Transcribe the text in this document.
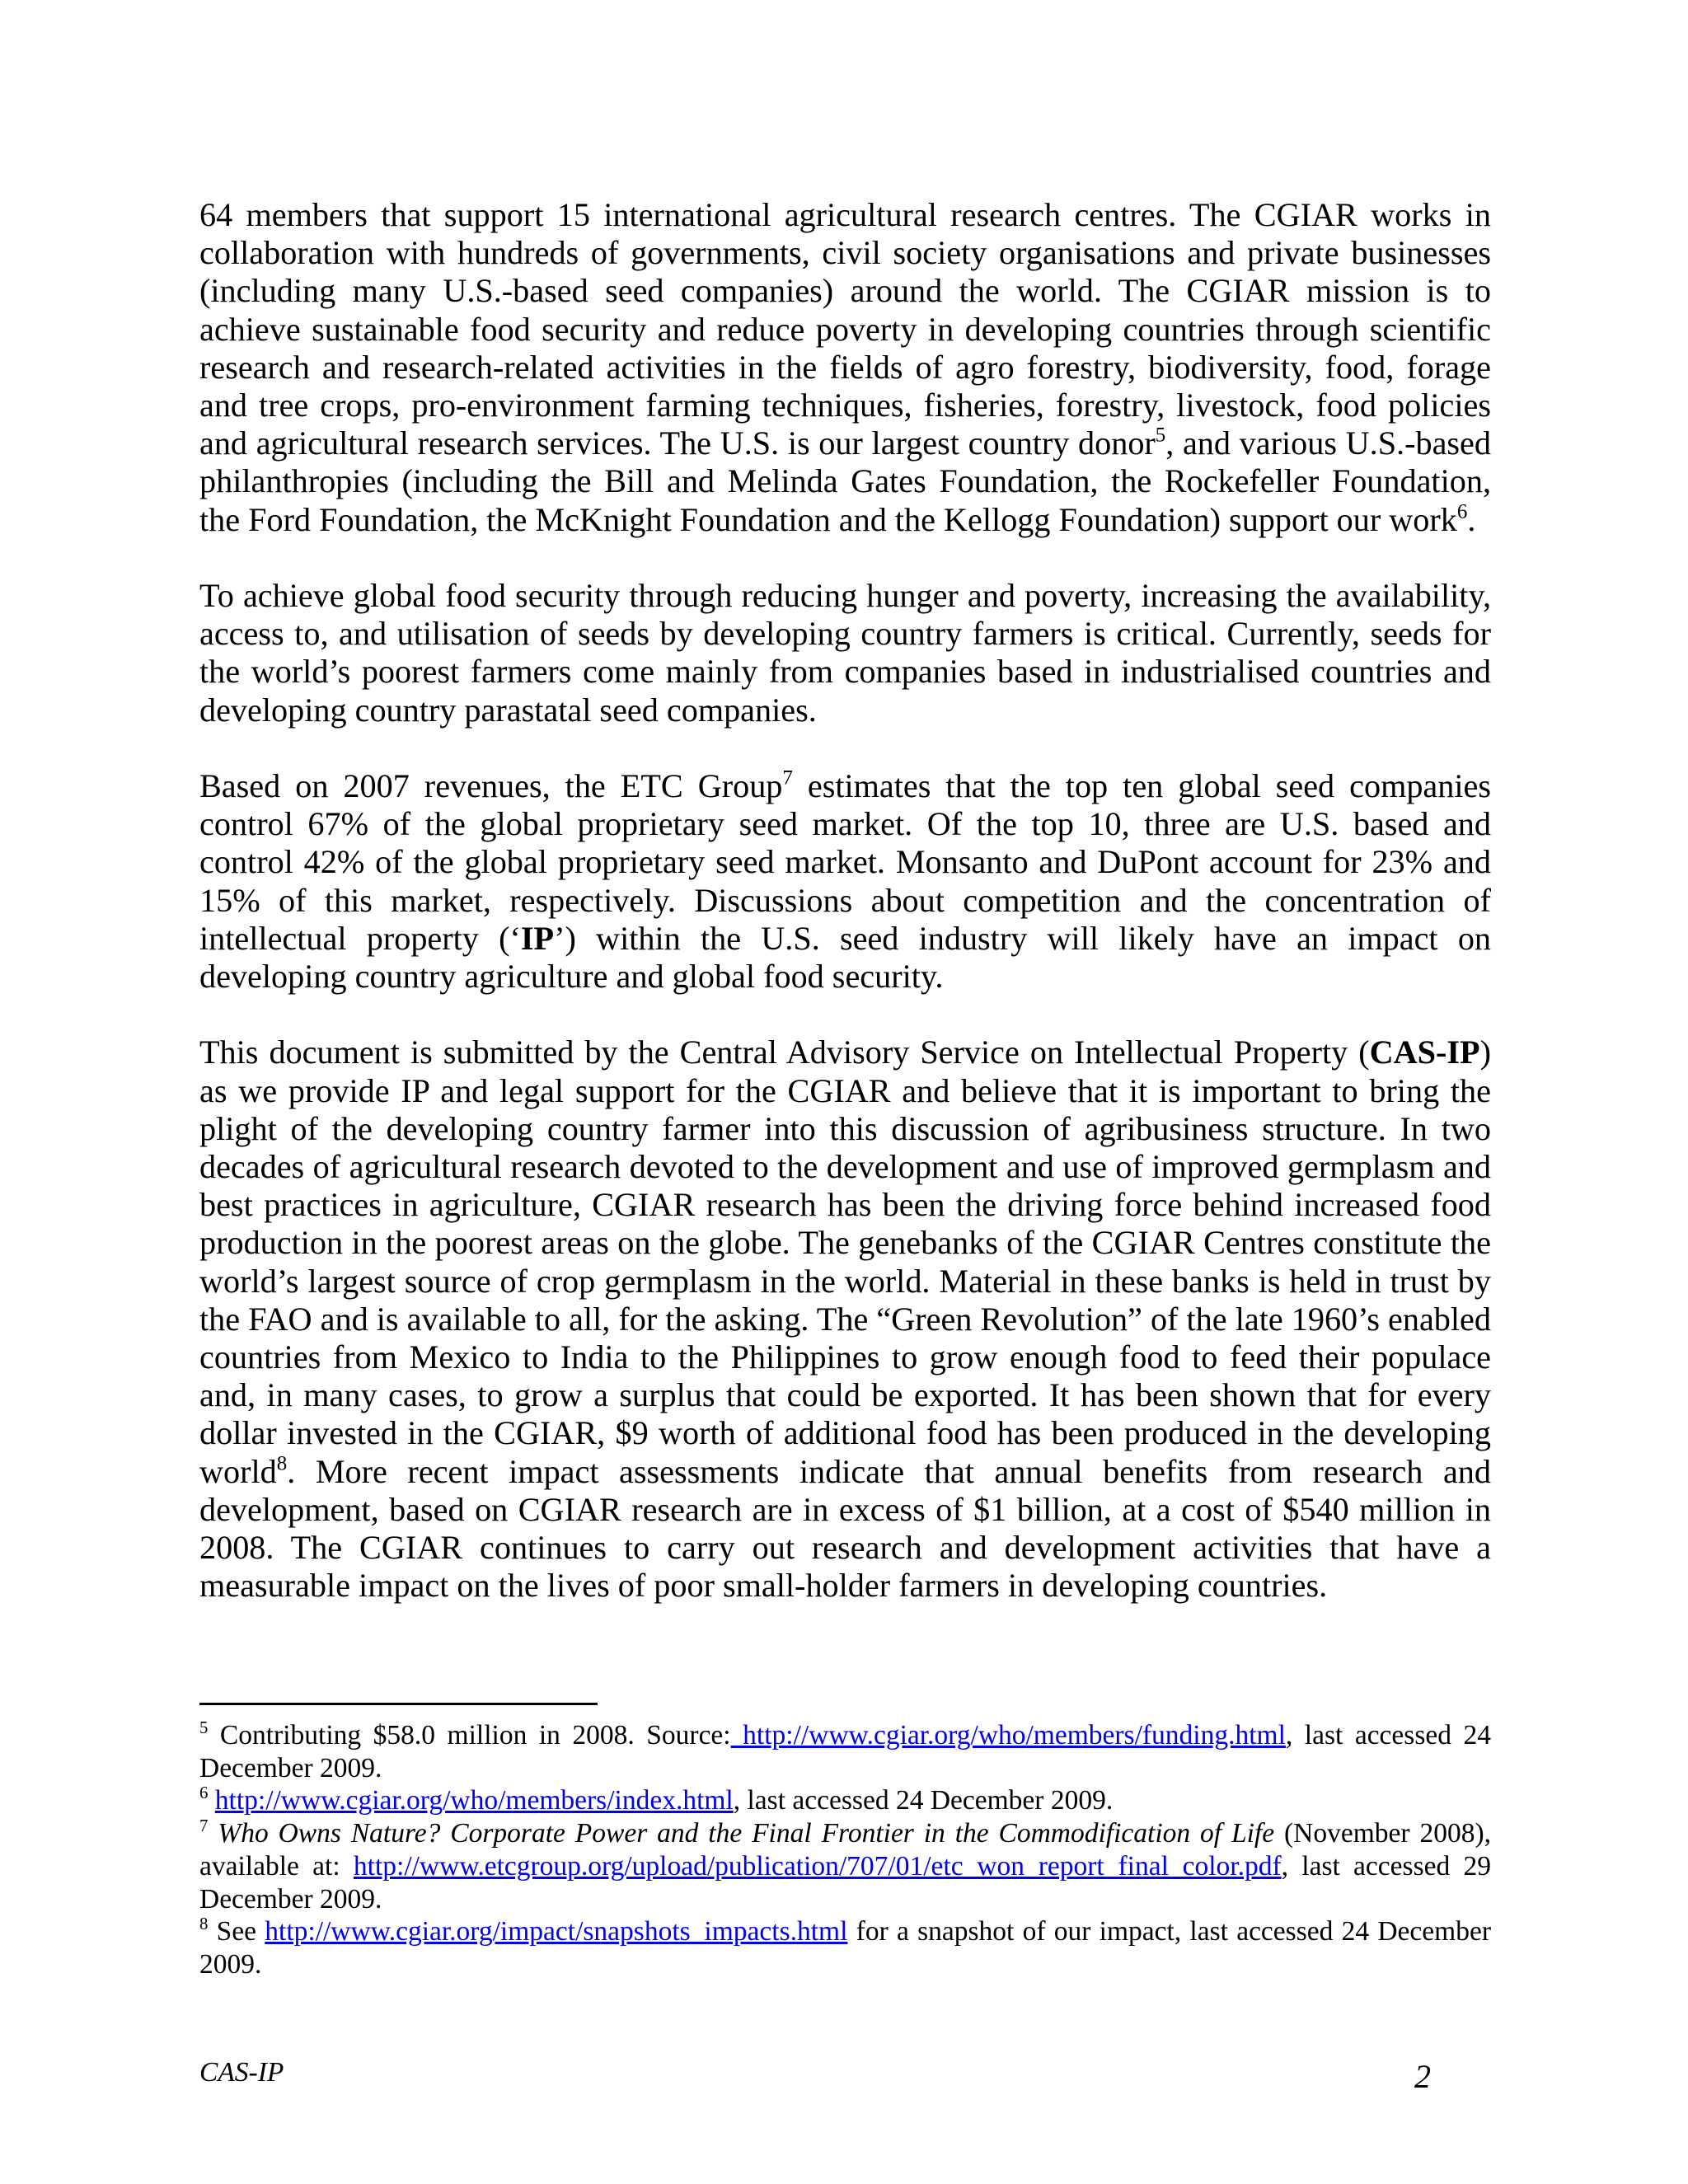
64 members that support 15 international agricultural research centres. The CGIAR works in collaboration with hundreds of governments, civil society organisations and private businesses (including many U.S.-based seed companies) around the world. The CGIAR mission is to achieve sustainable food security and reduce poverty in developing countries through scientific research and research-related activities in the fields of agro forestry, biodiversity, food, forage and tree crops, pro-environment farming techniques, fisheries, forestry, livestock, food policies and agricultural research services. The U.S. is our largest country donor$^5$, and various U.S.-based philanthropies (including the Bill and Melinda Gates Foundation, the Rockefeller Foundation, the Ford Foundation, the McKnight Foundation and the Kellogg Foundation) support our work$^6$.

To achieve global food security through reducing hunger and poverty, increasing the availability, access to, and utilisation of seeds by developing country farmers is critical. Currently, seeds for the world’s poorest farmers come mainly from companies based in industrialised countries and developing country parastatal seed companies.

Based on 2007 revenues, the ETC Group$^7$ estimates that the top ten global seed companies control 67% of the global proprietary seed market. Of the top 10, three are U.S. based and control 42% of the global proprietary seed market. Monsanto and DuPont account for 23% and 15% of this market, respectively. Discussions about competition and the concentration of intellectual property (‘IP’) within the U.S. seed industry will likely have an impact on developing country agriculture and global food security.

This document is submitted by the Central Advisory Service on Intellectual Property (CAS-IP) as we provide IP and legal support for the CGIAR and believe that it is important to bring the plight of the developing country farmer into this discussion of agribusiness structure. In two decades of agricultural research devoted to the development and use of improved germplasm and best practices in agriculture, CGIAR research has been the driving force behind increased food production in the poorest areas on the globe. The genebanks of the CGIAR Centres constitute the world’s largest source of crop germplasm in the world. Material in these banks is held in trust by the FAO and is available to all, for the asking. The “Green Revolution” of the late 1960’s enabled countries from Mexico to India to the Philippines to grow enough food to feed their populace and, in many cases, to grow a surplus that could be exported. It has been shown that for every dollar invested in the CGIAR, $9 worth of additional food has been produced in the developing world$^8$. More recent impact assessments indicate that annual benefits from research and development, based on CGIAR research are in excess of $1 billion, at a cost of $540 million in 2008. The CGIAR continues to carry out research and development activities that have a measurable impact on the lives of poor small-holder farmers in developing countries.

$^5$ Contributing $58.0 million in 2008. Source: http://www.cgiar.org/who/members/funding.html, last accessed 24 December 2009.

$^6$ http://www.cgiar.org/who/members/index.html, last accessed 24 December 2009.

$^7$ Who Owns Nature? Corporate Power and the Final Frontier in the Commodification of Life (November 2008), available at: http://www.etcgroup.org/upload/publication/707/01/etc_won_report_final_color.pdf, last accessed 29 December 2009.

$^8$ See http://www.cgiar.org/impact/snapshots_impacts.html for a snapshot of our impact, last accessed 24 December 2009.

CAS-IP	2
